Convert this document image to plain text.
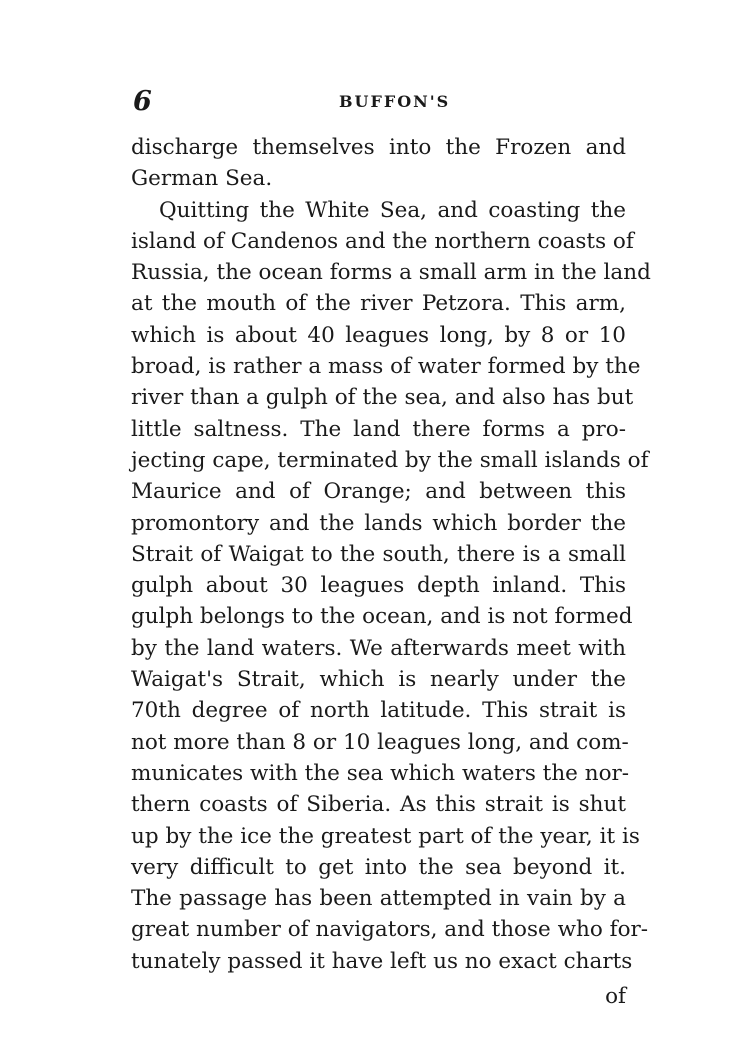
6	BUFFON'S
discharge themselves into the Frozen and
German Sea.
Quitting the White Sea, and coasting the
island of Candenos and the northern coasts of
Russia, the ocean forms a small arm in the land
at the mouth of the river Petzora. This arm,
which is about 40 leagues long, by 8 or 10
broad, is rather a mass of water formed by the
river than a gulph of the sea, and also has but
little saltness. The land there forms a pro-
jecting cape, terminated by the small islands of
Maurice and of Orange; and between this
promontory and the lands which border the
Strait of Waigat to the south, there is a small
gulph about 30 leagues depth inland. This
gulph belongs to the ocean, and is not formed
by the land waters. We afterwards meet with
Waigat's Strait, which is nearly under the
70th degree of north latitude. This strait is
not more than 8 or 10 leagues long, and com-
municates with the sea which waters the nor-
thern coasts of Siberia. As this strait is shut
up by the ice the greatest part of the year, it is
very difficult to get into the sea beyond it.
The passage has been attempted in vain by a
great number of navigators, and those who for-
tunately passed it have left us no exact charts
of
